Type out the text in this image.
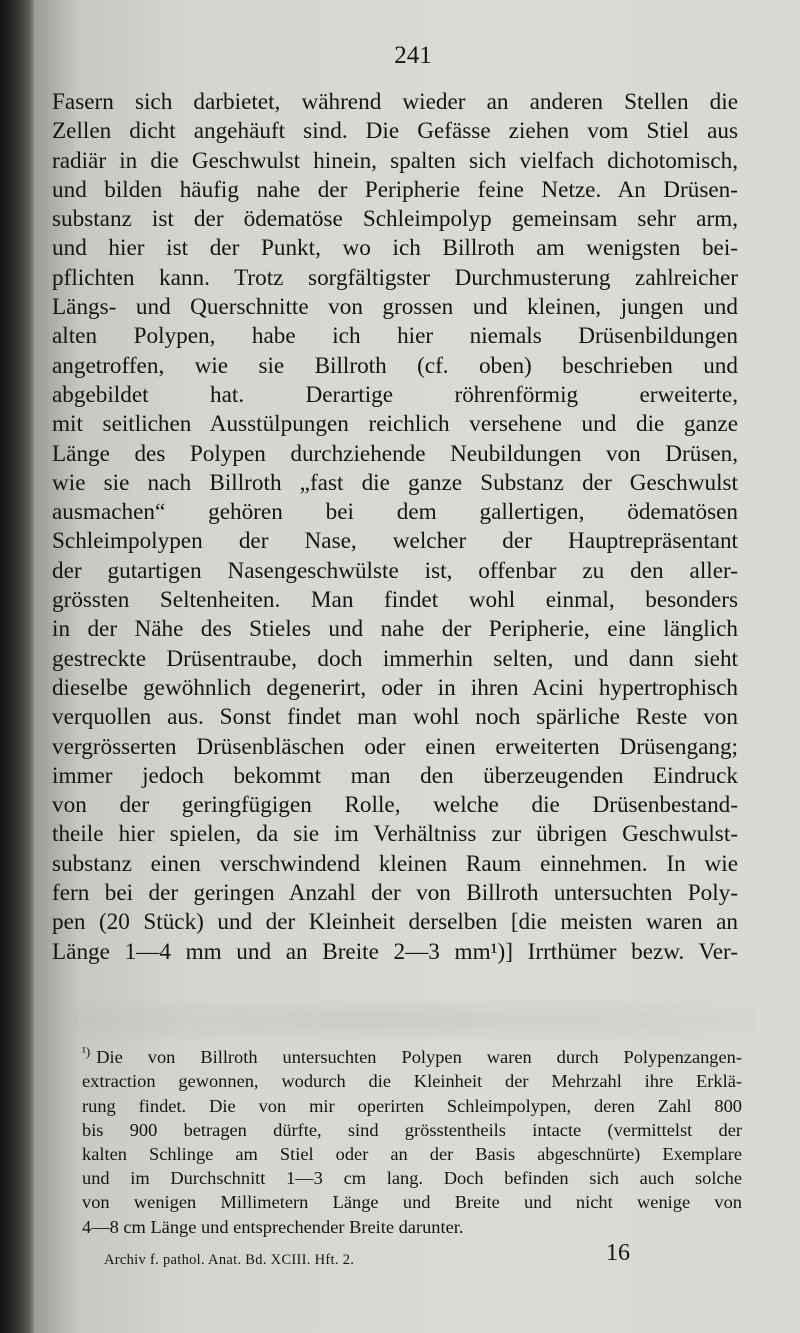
241
Fasern sich darbietet, während wieder an anderen Stellen die
Zellen dicht angehäuft sind. Die Gefässe ziehen vom Stiel aus
radiär in die Geschwulst hinein, spalten sich vielfach dichotomisch,
und bilden häufig nahe der Peripherie feine Netze. An Drüsen-
substanz ist der ödematöse Schleimpolyp gemeinsam sehr arm,
und hier ist der Punkt, wo ich Billroth am wenigsten bei-
pflichten kann. Trotz sorgfältigster Durchmusterung zahlreicher
Längs- und Querschnitte von grossen und kleinen, jungen und
alten Polypen, habe ich hier niemals Drüsenbildungen
angetroffen, wie sie Billroth (cf. oben) beschrieben und
abgebildet hat. Derartige röhrenförmig erweiterte,
mit seitlichen Ausstülpungen reichlich versehene und die ganze
Länge des Polypen durchziehende Neubildungen von Drüsen,
wie sie nach Billroth „fast die ganze Substanz der Geschwulst
ausmachen“ gehören bei dem gallertigen, ödematösen
Schleimpolypen der Nase, welcher der Hauptrepräsentant
der gutartigen Nasengeschwülste ist, offenbar zu den aller-
grössten Seltenheiten. Man findet wohl einmal, besonders
in der Nähe des Stieles und nahe der Peripherie, eine länglich
gestreckte Drüsentraube, doch immerhin selten, und dann sieht
dieselbe gewöhnlich degenerirt, oder in ihren Acini hypertrophisch
verquollen aus. Sonst findet man wohl noch spärliche Reste von
vergrösserten Drüsenbläschen oder einen erweiterten Drüsengang;
immer jedoch bekommt man den überzeugenden Eindruck
von der geringfügigen Rolle, welche die Drüsenbestand-
theile hier spielen, da sie im Verhältniss zur übrigen Geschwulst-
substanz einen verschwindend kleinen Raum einnehmen. In wie
fern bei der geringen Anzahl der von Billroth untersuchten Poly-
pen (20 Stück) und der Kleinheit derselben [die meisten waren an
Länge 1—4 mm und an Breite 2—3 mm¹)] Irrthümer bezw. Ver-
$^{^1)}$ Die von Billroth untersuchten Polypen waren durch Polypenzangen-
extraction gewonnen, wodurch die Kleinheit der Mehrzahl ihre Erklä-
rung findet. Die von mir operirten Schleimpolypen, deren Zahl 800
bis 900 betragen dürfte, sind grösstentheils intacte (vermittelst der
kalten Schlinge am Stiel oder an der Basis abgeschnürte) Exemplare
und im Durchschnitt 1—3 cm lang. Doch befinden sich auch solche
von wenigen Millimetern Länge und Breite und nicht wenige von
4—8 cm Länge und entsprechender Breite darunter.
Archiv f. pathol. Anat. Bd. XCIII. Hft. 2.	16
